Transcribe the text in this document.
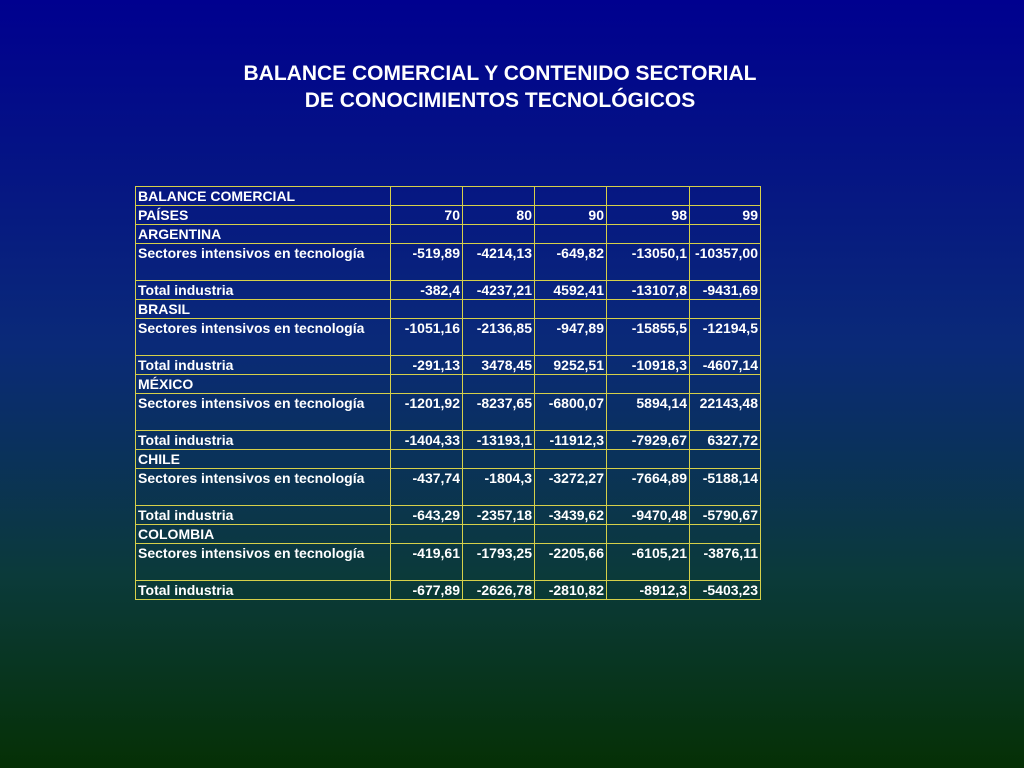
BALANCE COMERCIAL Y CONTENIDO SECTORIAL
DE CONOCIMIENTOS TECNOLÓGICOS
BALANCE COMERCIAL					
PAÍSES	70	80	90	98	99
ARGENTINA					
Sectores intensivos en tecnología	-519,89	-4214,13	-649,82	-13050,1	-10357,00
Total industria	-382,4	-4237,21	4592,41	-13107,8	-9431,69
BRASIL					
Sectores intensivos en tecnología	-1051,16	-2136,85	-947,89	-15855,5	-12194,5
Total industria	-291,13	3478,45	9252,51	-10918,3	-4607,14
MÉXICO					
Sectores intensivos en tecnología	-1201,92	-8237,65	-6800,07	5894,14	22143,48
Total industria	-1404,33	-13193,1	-11912,3	-7929,67	6327,72
CHILE					
Sectores intensivos en tecnología	-437,74	-1804,3	-3272,27	-7664,89	-5188,14
Total industria	-643,29	-2357,18	-3439,62	-9470,48	-5790,67
COLOMBIA					
Sectores intensivos en tecnología	-419,61	-1793,25	-2205,66	-6105,21	-3876,11
Total industria	-677,89	-2626,78	-2810,82	-8912,3	-5403,23
